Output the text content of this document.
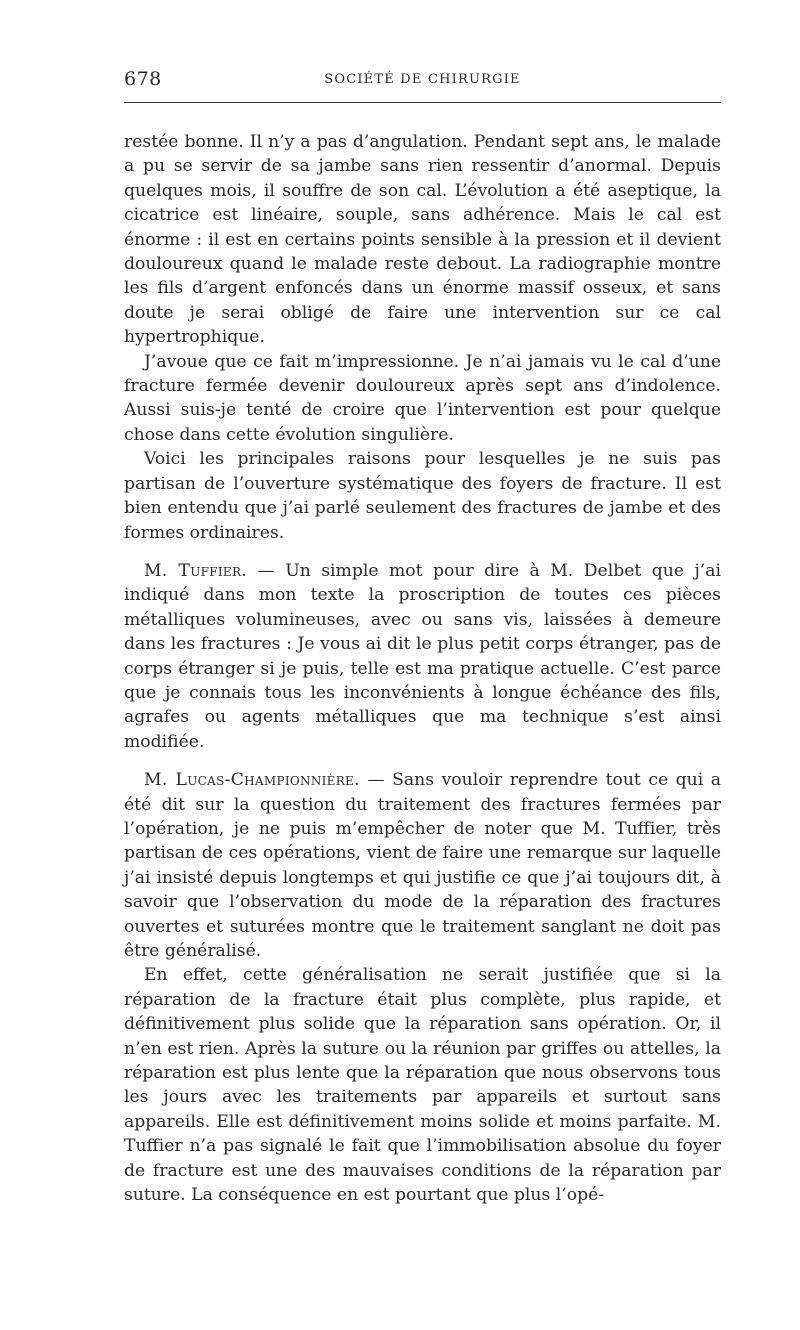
678	SOCIÉTÉ DE CHIRURGIE

restée bonne. Il n’y a pas d’angulation. Pendant sept ans, le malade a pu se servir de sa jambe sans rien ressentir d’anormal. Depuis quelques mois, il souffre de son cal. L’évolution a été aseptique, la cicatrice est linéaire, souple, sans adhérence. Mais le cal est énorme : il est en certains points sensible à la pression et il devient douloureux quand le malade reste debout. La radiographie montre les fils d’argent enfoncés dans un énorme massif osseux, et sans doute je serai obligé de faire une intervention sur ce cal hypertrophique.

J’avoue que ce fait m’impressionne. Je n’ai jamais vu le cal d’une fracture fermée devenir douloureux après sept ans d’indolence. Aussi suis-je tenté de croire que l’intervention est pour quelque chose dans cette évolution singulière.

Voici les principales raisons pour lesquelles je ne suis pas partisan de l’ouverture systématique des foyers de fracture. Il est bien entendu que j’ai parlé seulement des fractures de jambe et des formes ordinaires.

M. Tuffier. — Un simple mot pour dire à M. Delbet que j’ai indiqué dans mon texte la proscription de toutes ces pièces métalliques volumineuses, avec ou sans vis, laissées à demeure dans les fractures : Je vous ai dit le plus petit corps étranger, pas de corps étranger si je puis, telle est ma pratique actuelle. C’est parce que je connais tous les inconvénients à longue échéance des fils, agrafes ou agents métalliques que ma technique s’est ainsi modifiée.

M. Lucas-Championnière. — Sans vouloir reprendre tout ce qui a été dit sur la question du traitement des fractures fermées par l’opération, je ne puis m’empêcher de noter que M. Tuffier, très partisan de ces opérations, vient de faire une remarque sur laquelle j’ai insisté depuis longtemps et qui justifie ce que j’ai toujours dit, à savoir que l’observation du mode de la réparation des fractures ouvertes et suturées montre que le traitement sanglant ne doit pas être généralisé.

En effet, cette généralisation ne serait justifiée que si la réparation de la fracture était plus complète, plus rapide, et définitivement plus solide que la réparation sans opération. Or, il n’en est rien. Après la suture ou la réunion par griffes ou attelles, la réparation est plus lente que la réparation que nous observons tous les jours avec les traitements par appareils et surtout sans appareils. Elle est définitivement moins solide et moins parfaite. M. Tuffier n’a pas signalé le fait que l’immobilisation absolue du foyer de fracture est une des mauvaises conditions de la réparation par suture. La conséquence en est pourtant que plus l’opé-
